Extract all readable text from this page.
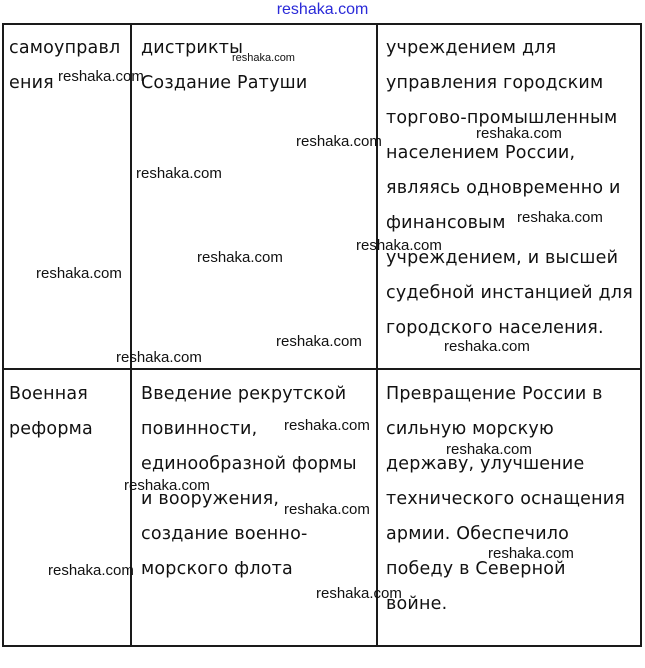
reshaka.com
самоуправл
ения
дистрикты
Создание Ратуши
учреждением для
управления городским
торгово-промышленным
населением России,
являясь одновременно и
финансовым
учреждением, и высшей
судебной инстанцией для
городского населения.
Военная
реформа
Введение рекрутской
повинности,
единообразной формы
и вооружения,
создание военно-
морского флота
Превращение России в
сильную морскую
державу, улучшение
технического оснащения
армии. Обеспечило
победу в Северной
войне.
reshaka.com
reshaka.com
reshaka.com	reshaka.com
reshaka.com
reshaka.com
reshaka.com
reshaka.com
reshaka.com
reshaka.com	reshaka.com
reshaka.com
reshaka.com
reshaka.com
reshaka.com
reshaka.com
reshaka.com
reshaka.com
reshaka.com
